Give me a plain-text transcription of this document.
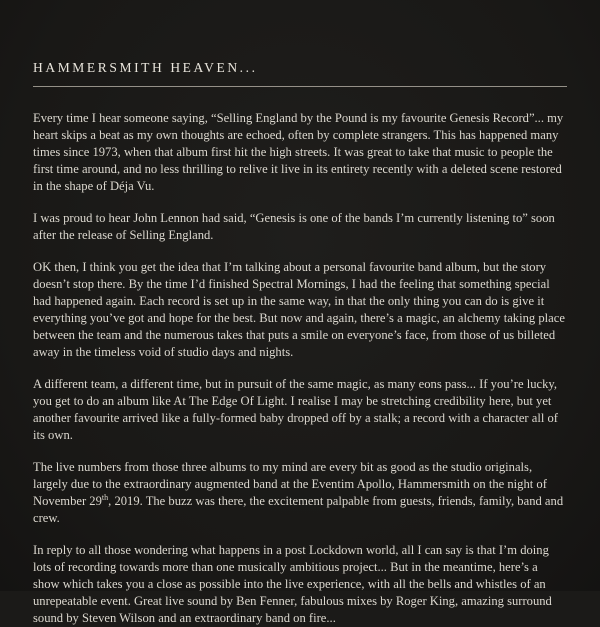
HAMMERSMITH HEAVEN...

Every time I hear someone saying, “Selling England by the Pound is my favourite Genesis Record”... my heart skips a beat as my own thoughts are echoed, often by complete strangers. This has happened many times since 1973, when that album first hit the high streets. It was great to take that music to people the first time around, and no less thrilling to relive it live in its entirety recently with a deleted scene restored in the shape of Déja Vu.

I was proud to hear John Lennon had said, “Genesis is one of the bands I’m currently listening to” soon after the release of Selling England.

OK then, I think you get the idea that I’m talking about a personal favourite band album, but the story doesn’t stop there. By the time I’d finished Spectral Mornings, I had the feeling that something special had happened again. Each record is set up in the same way, in that the only thing you can do is give it everything you’ve got and hope for the best. But now and again, there’s a magic, an alchemy taking place between the team and the numerous takes that puts a smile on everyone’s face, from those of us billeted away in the timeless void of studio days and nights.

A different team, a different time, but in pursuit of the same magic, as many eons pass... If you’re lucky, you get to do an album like At The Edge Of Light. I realise I may be stretching credibility here, but yet another favourite arrived like a fully-formed baby dropped off by a stalk; a record with a character all of its own.

The live numbers from those three albums to my mind are every bit as good as the studio originals, largely due to the extraordinary augmented band at the Eventim Apollo, Hammersmith on the night of November 29th, 2019. The buzz was there, the excitement palpable from guests, friends, family, band and crew.

In reply to all those wondering what happens in a post Lockdown world, all I can say is that I’m doing lots of recording towards more than one musically ambitious project... But in the meantime, here’s a show which takes you a close as possible into the live experience, with all the bells and whistles of an unrepeatable event. Great live sound by Ben Fenner, fabulous mixes by Roger King, amazing surround sound by Steven Wilson and an extraordinary band on fire...
